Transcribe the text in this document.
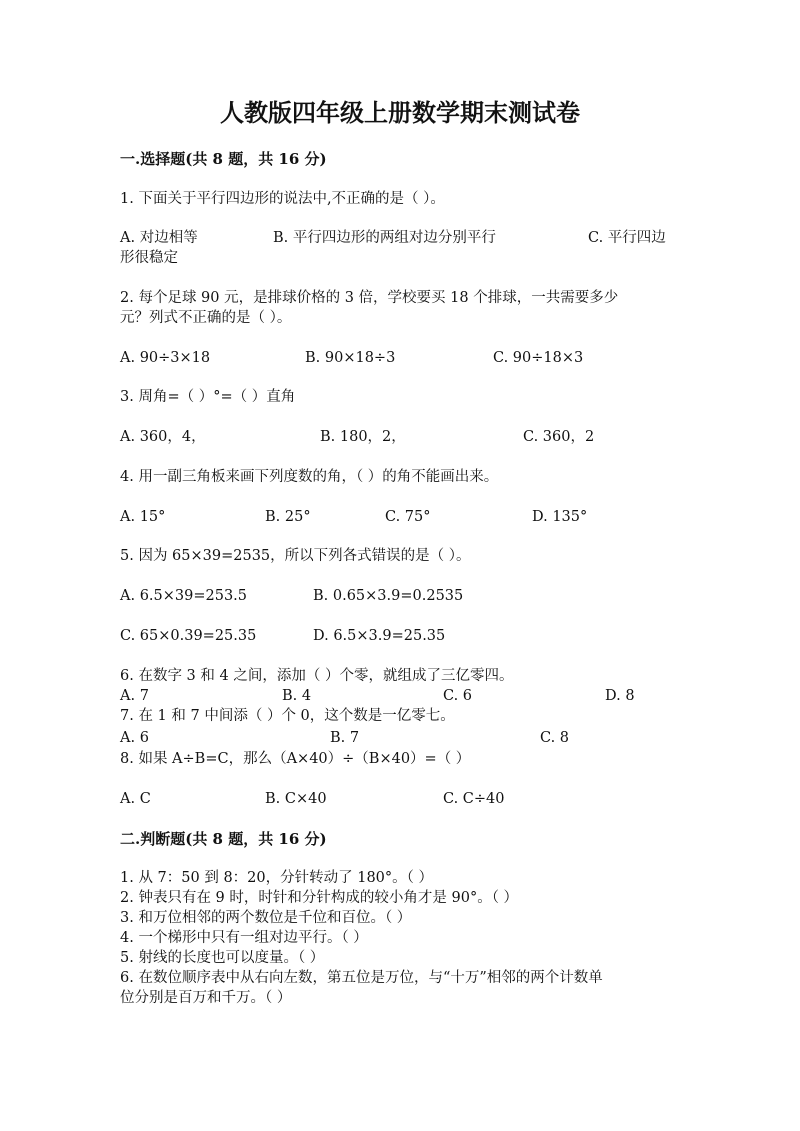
人教版四年级上册数学期末测试卷
一.选择题(共 8 题，共 16 分)
1. 下面关于平行四边形的说法中,不正确的是（ ）。
A. 对边相等	B. 平行四边形的两组对边分别平行	C. 平行四边
形很稳定
2. 每个足球 90 元，是排球价格的 3 倍，学校要买 18 个排球，一共需要多少
元？列式不正确的是（ ）。
A. 90÷3×18	B. 90×18÷3	C. 90÷18×3
3. 周角=（ ）°=（ ）直角
A. 360，4，	B. 180，2，	C. 360，2
4. 用一副三角板来画下列度数的角，（ ）的角不能画出来。
A. 15°	B. 25°	C. 75°	D. 135°
5. 因为 65×39=2535，所以下列各式错误的是（ ）。
A. 6.5×39=253.5	B. 0.65×3.9=0.2535
C. 65×0.39=25.35	D. 6.5×3.9=25.35
6. 在数字 3 和 4 之间，添加（ ）个零，就组成了三亿零四。
A. 7	B. 4	C. 6	D. 8
7. 在 1 和 7 中间添（ ）个 0，这个数是一亿零七。
A. 6	B. 7	C. 8
8. 如果 A÷B=C，那么（A×40）÷（B×40）=（ ）
A. C	B. C×40	C. C÷40
二.判断题(共 8 题，共 16 分)
1. 从 7：50 到 8：20，分针转动了 180°。（ ）
2. 钟表只有在 9 时，时针和分针构成的较小角才是 90°。（ ）
3. 和万位相邻的两个数位是千位和百位。（ ）
4. 一个梯形中只有一组对边平行。（ ）
5. 射线的长度也可以度量。（ ）
6. 在数位顺序表中从右向左数，第五位是万位，与“十万”相邻的两个计数单
位分别是百万和千万。（ ）
